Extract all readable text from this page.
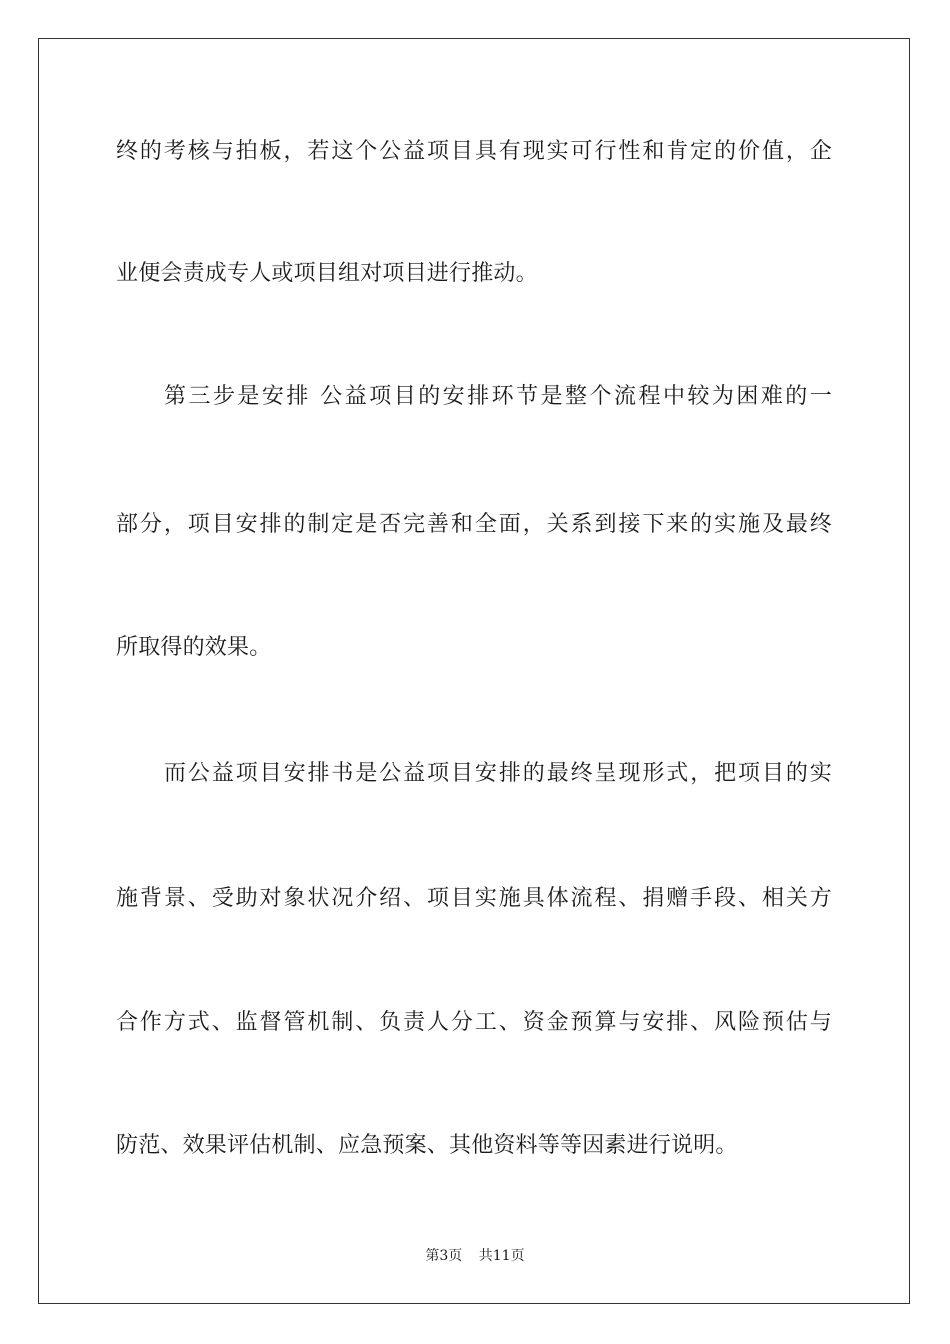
终的考核与拍板，若这个公益项目具有现实可行性和肯定的价值，企
业便会责成专人或项目组对项目进行推动。
第三步是安排 公益项目的安排环节是整个流程中较为困难的一
部分，项目安排的制定是否完善和全面，关系到接下来的实施及最终
所取得的效果。
而公益项目安排书是公益项目安排的最终呈现形式，把项目的实
施背景、受助对象状况介绍、项目实施具体流程、捐赠手段、相关方
合作方式、监督管机制、负责人分工、资金预算与安排、风险预估与
防范、效果评估机制、应急预案、其他资料等等因素进行说明。
第3页 共11页
